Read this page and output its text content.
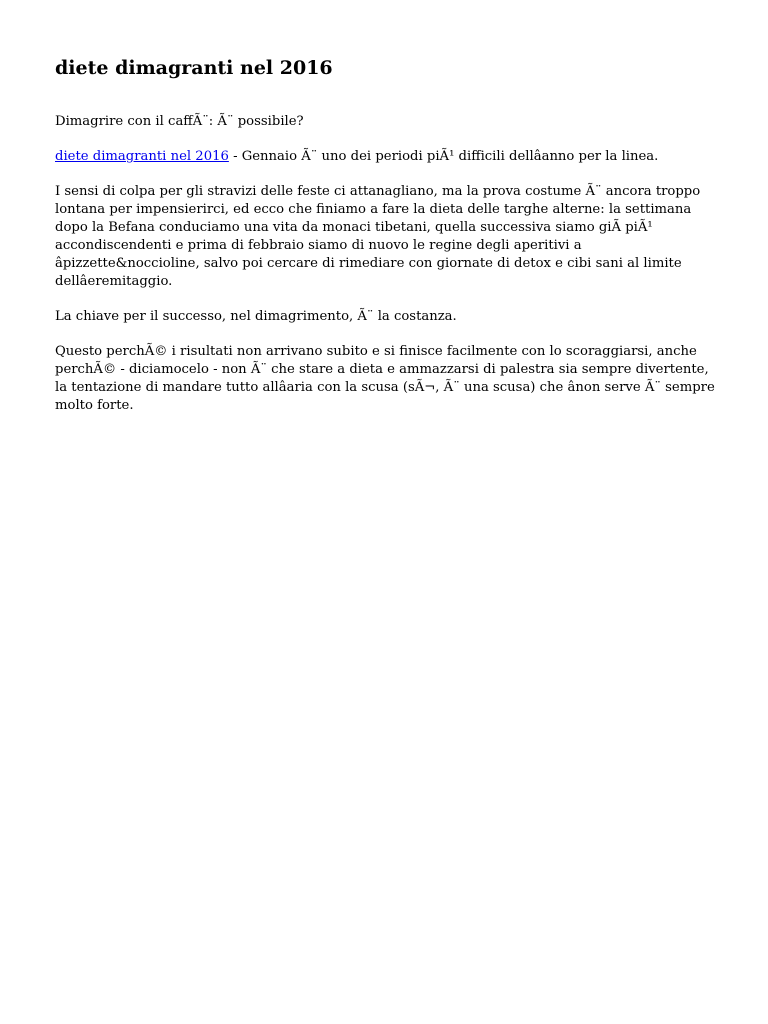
diete dimagranti nel 2016

Dimagrire con il caffÃ¨: Ã¨ possibile?

diete dimagranti nel 2016 - Gennaio Ã¨ uno dei periodi piÃ¹ difficili dellâanno per la linea.

I sensi di colpa per gli stravizi delle feste ci attanagliano, ma la prova costume Ã¨ ancora troppo lontana per impensierirci, ed ecco che finiamo a fare la dieta delle targhe alterne: la settimana dopo la Befana conduciamo una vita da monaci tibetani, quella successiva siamo giÃ piÃ¹ accondiscendenti e prima di febbraio siamo di nuovo le regine degli aperitivi a âpizzette&noccioline, salvo poi cercare di rimediare con giornate di detox e cibi sani al limite dellâeremitaggio.

La chiave per il successo, nel dimagrimento, Ã¨ la costanza.

Questo perchÃ© i risultati non arrivano subito e si finisce facilmente con lo scoraggiarsi, anche perchÃ© - diciamocelo - non Ã¨ che stare a dieta e ammazzarsi di palestra sia sempre divertente, la tentazione di mandare tutto allâaria con la scusa (sÃ¬, Ã¨ una scusa) che ânon serve Ã¨ sempre molto forte.
